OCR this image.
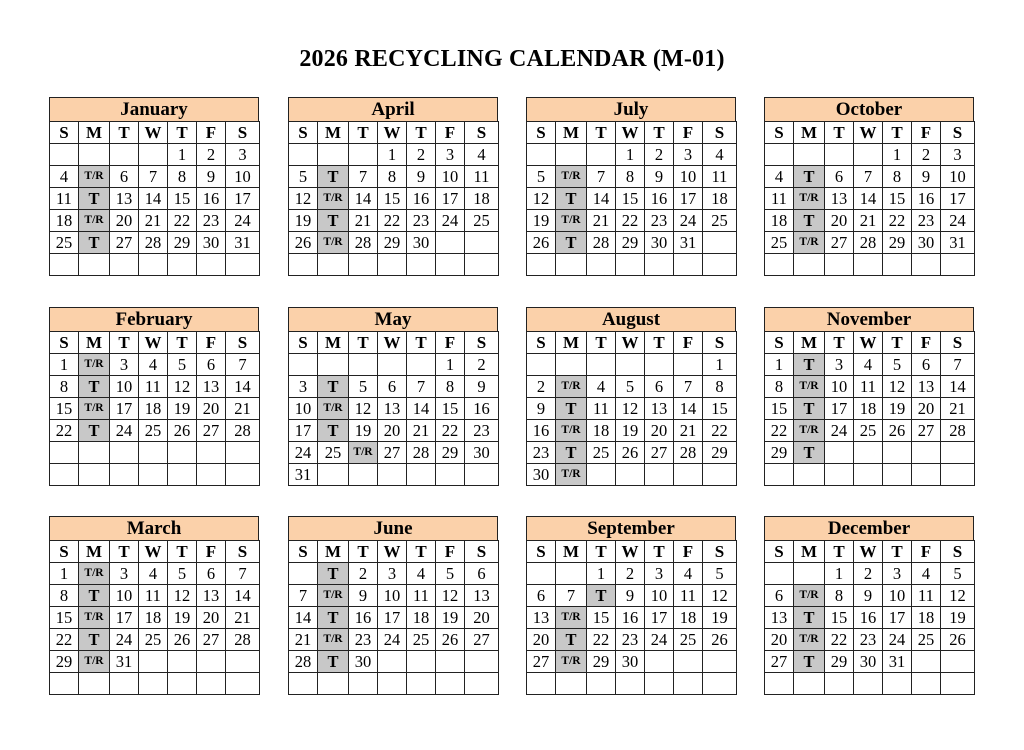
2026 RECYCLING CALENDAR (M-01)
January
S	M	T	W	T	F	S
				1	2	3
4	T/R	6	7	8	9	10
11	T	13	14	15	16	17
18	T/R	20	21	22	23	24
25	T	27	28	29	30	31

February
S	M	T	W	T	F	S
1	T/R	3	4	5	6	7
8	T	10	11	12	13	14
15	T/R	17	18	19	20	21
22	T	24	25	26	27	28

March
S	M	T	W	T	F	S
1	T/R	3	4	5	6	7
8	T	10	11	12	13	14
15	T/R	17	18	19	20	21
22	T	24	25	26	27	28
29	T/R	31				

April
S	M	T	W	T	F	S
			1	2	3	4
5	T	7	8	9	10	11
12	T/R	14	15	16	17	18
19	T	21	22	23	24	25
26	T/R	28	29	30		

May
S	M	T	W	T	F	S
					1	2
3	T	5	6	7	8	9
10	T/R	12	13	14	15	16
17	T	19	20	21	22	23
24	25	T/R	27	28	29	30
31						
June
S	M	T	W	T	F	S
	T	2	3	4	5	6
7	T/R	9	10	11	12	13
14	T	16	17	18	19	20
21	T/R	23	24	25	26	27
28	T	30				

July
S	M	T	W	T	F	S
			1	2	3	4
5	T/R	7	8	9	10	11
12	T	14	15	16	17	18
19	T/R	21	22	23	24	25
26	T	28	29	30	31	

August
S	M	T	W	T	F	S
						1
2	T/R	4	5	6	7	8
9	T	11	12	13	14	15
16	T/R	18	19	20	21	22
23	T	25	26	27	28	29
30	T/R					
September
S	M	T	W	T	F	S
		1	2	3	4	5
6	7	T	9	10	11	12
13	T/R	15	16	17	18	19
20	T	22	23	24	25	26
27	T/R	29	30			

October
S	M	T	W	T	F	S
				1	2	3
4	T	6	7	8	9	10
11	T/R	13	14	15	16	17
18	T	20	21	22	23	24
25	T/R	27	28	29	30	31

November
S	M	T	W	T	F	S
1	T	3	4	5	6	7
8	T/R	10	11	12	13	14
15	T	17	18	19	20	21
22	T/R	24	25	26	27	28
29	T					

December
S	M	T	W	T	F	S
		1	2	3	4	5
6	T/R	8	9	10	11	12
13	T	15	16	17	18	19
20	T/R	22	23	24	25	26
27	T	29	30	31		
